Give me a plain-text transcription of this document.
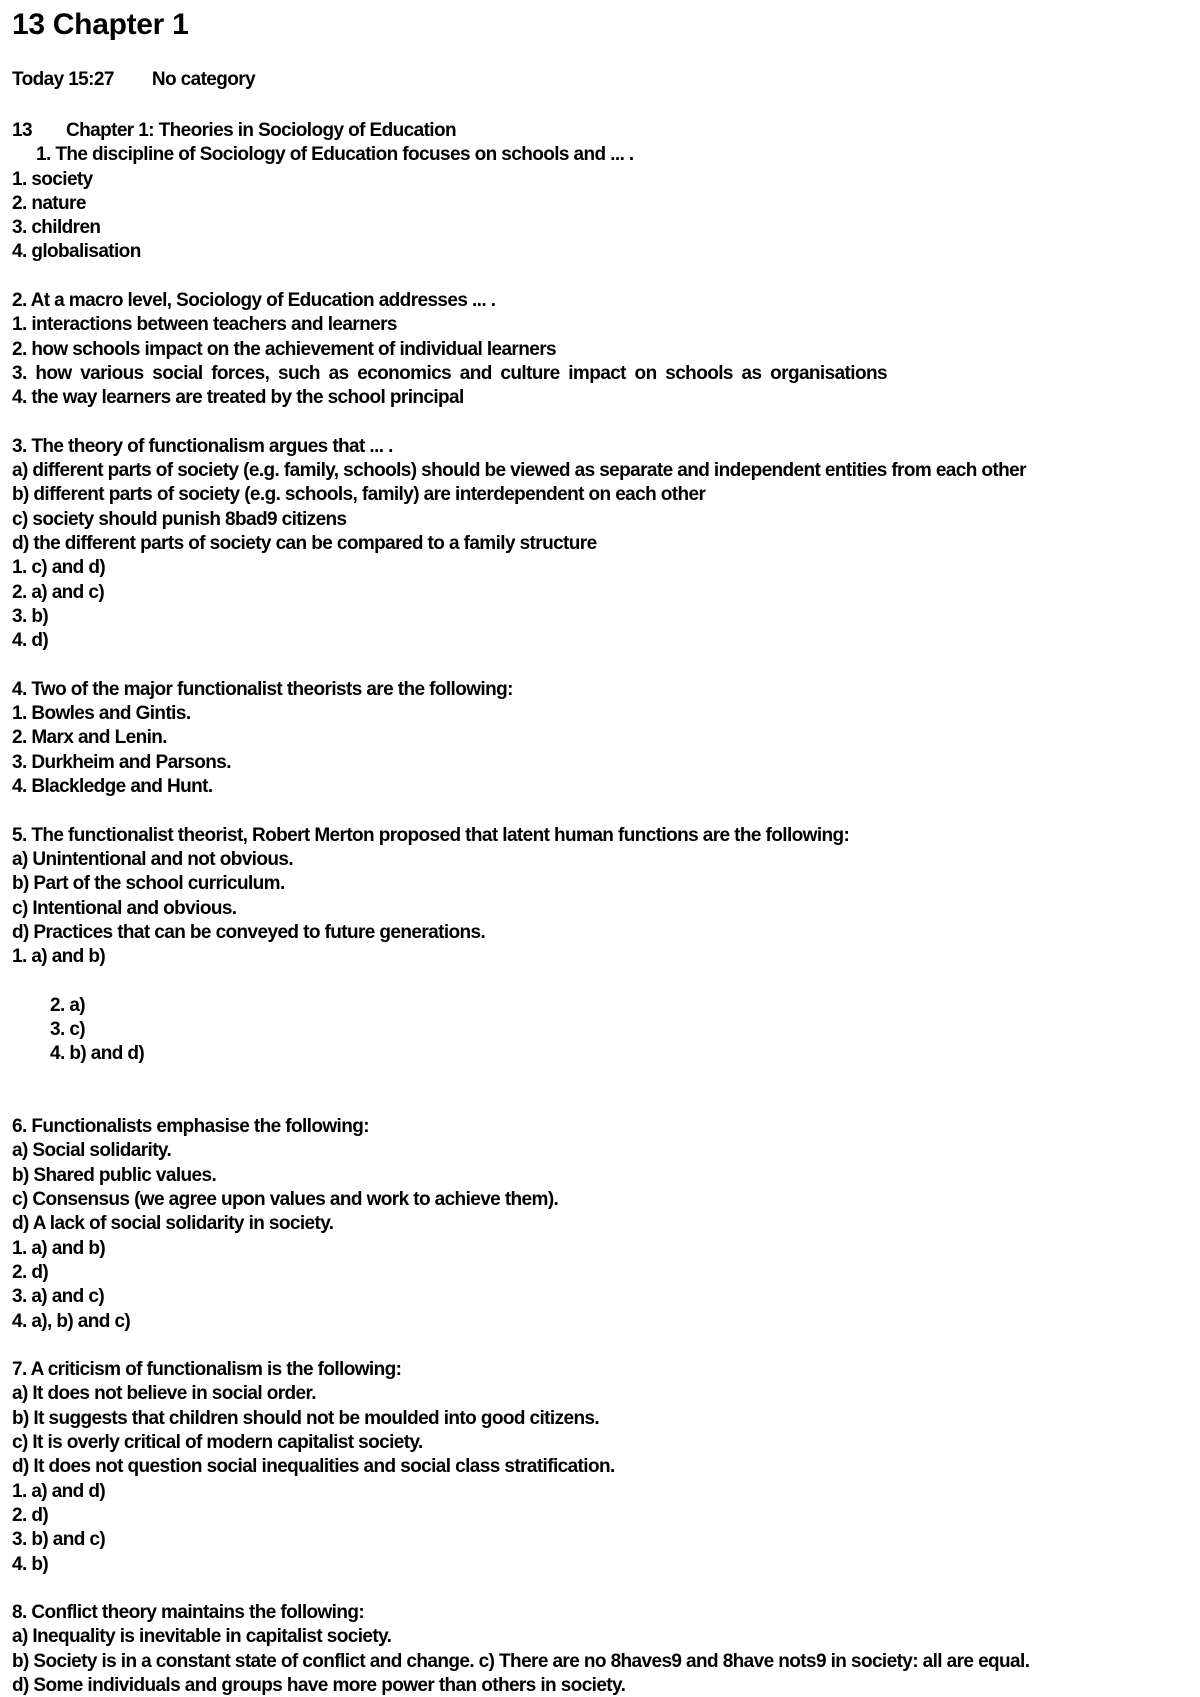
13 Chapter 1
Today 15:27 No category
13 Chapter 1: Theories in Sociology of Education
1. The discipline of Sociology of Education focuses on schools and ... .
1. society
2. nature
3. children
4. globalisation
2. At a macro level, Sociology of Education addresses ... .
1. interactions between teachers and learners
2. how schools impact on the achievement of individual learners
3. how various social forces, such as economics and culture impact on schools as organisations
4. the way learners are treated by the school principal
3. The theory of functionalism argues that ... .
a) different parts of society (e.g. family, schools) should be viewed as separate and independent entities from each other
b) different parts of society (e.g. schools, family) are interdependent on each other
c) society should punish 8bad9 citizens
d) the different parts of society can be compared to a family structure
1. c) and d)
2. a) and c)
3. b)
4. d)
4. Two of the major functionalist theorists are the following:
1. Bowles and Gintis.
2. Marx and Lenin.
3. Durkheim and Parsons.
4. Blackledge and Hunt.
5. The functionalist theorist, Robert Merton proposed that latent human functions are the following:
a) Unintentional and not obvious.
b) Part of the school curriculum.
c) Intentional and obvious.
d) Practices that can be conveyed to future generations.
1. a) and b)
2. a)
3. c)
4. b) and d)
6. Functionalists emphasise the following:
a) Social solidarity.
b) Shared public values.
c) Consensus (we agree upon values and work to achieve them).
d) A lack of social solidarity in society.
1. a) and b)
2. d)
3. a) and c)
4. a), b) and c)
7. A criticism of functionalism is the following:
a) It does not believe in social order.
b) It suggests that children should not be moulded into good citizens.
c) It is overly critical of modern capitalist society.
d) It does not question social inequalities and social class stratification.
1. a) and d)
2. d)
3. b) and c)
4. b)
8. Conflict theory maintains the following:
a) Inequality is inevitable in capitalist society.
b) Society is in a constant state of conflict and change. c) There are no 8haves9 and 8have nots9 in society: all are equal.
d) Some individuals and groups have more power than others in society.
